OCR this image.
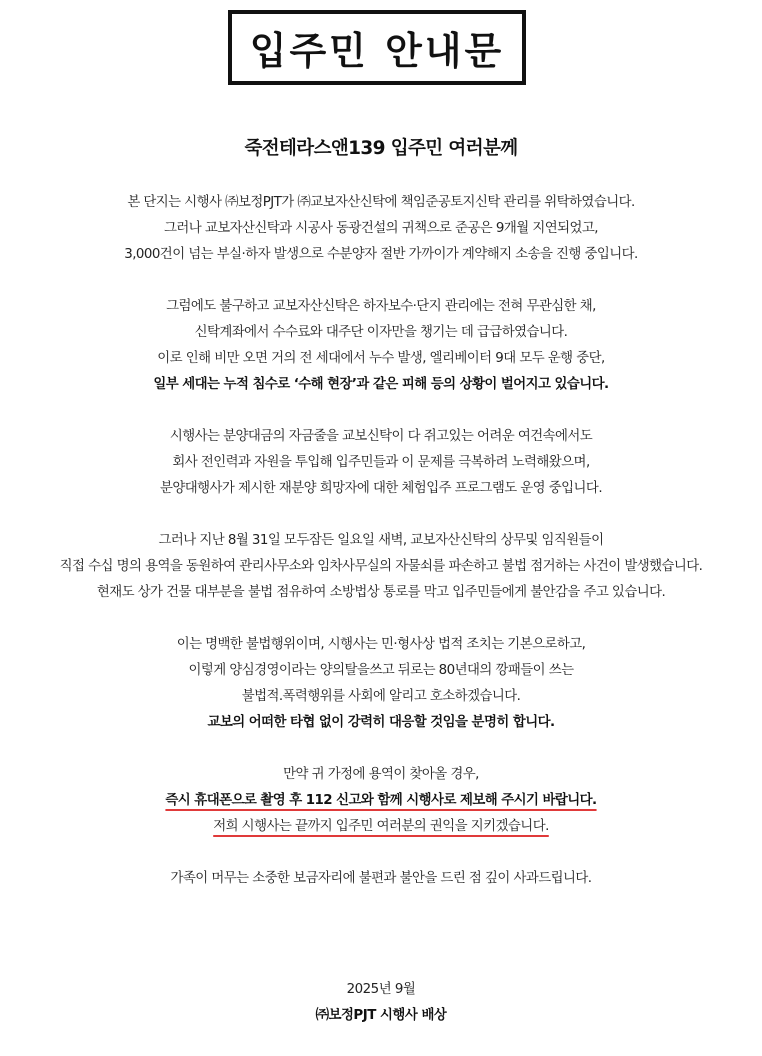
입주민 안내문
죽전테라스앤139 입주민 여러분께
본 단지는 시행사 ㈜보정PJT가 ㈜교보자산신탁에 책임준공토지신탁 관리를 위탁하였습니다.
그러나 교보자산신탁과 시공사 동광건설의 귀책으로 준공은 9개월 지연되었고,
3,000건이 넘는 부실·하자 발생으로 수분양자 절반 가까이가 계약해지 소송을 진행 중입니다.
그럼에도 불구하고 교보자산신탁은 하자보수·단지 관리에는 전혀 무관심한 채,
신탁계좌에서 수수료와 대주단 이자만을 챙기는 데 급급하였습니다.
이로 인해 비만 오면 거의 전 세대에서 누수 발생, 엘리베이터 9대 모두 운행 중단,
일부 세대는 누적 침수로 ‘수해 현장’과 같은 피해 등의 상황이 벌어지고 있습니다.
시행사는 분양대금의 자금줄을 교보신탁이 다 쥐고있는 어려운 여건속에서도
회사 전인력과 자원을 투입해 입주민들과 이 문제를 극복하려 노력해왔으며,
분양대행사가 제시한 재분양 희망자에 대한 체험입주 프로그램도 운영 중입니다.
그러나 지난 8월 31일 모두잠든 일요일 새벽, 교보자산신탁의 상무및 임직원들이
직접 수십 명의 용역을 동원하여 관리사무소와 임차사무실의 자물쇠를 파손하고 불법 점거하는 사건이 발생했습니다.
현재도 상가 건물 대부분을 불법 점유하여 소방법상 통로를 막고 입주민들에게 불안감을 주고 있습니다.
이는 명백한 불법행위이며, 시행사는 민·형사상 법적 조치는 기본으로하고,
이렇게 양심경영이라는 양의탈을쓰고 뒤로는 80년대의 깡패들이 쓰는
불법적.폭력행위를 사회에 알리고 호소하겠습니다.
교보의 어떠한 타협 없이 강력히 대응할 것임을 분명히 합니다.
만약 귀 가정에 용역이 찾아올 경우,
즉시 휴대폰으로 촬영 후 112 신고와 함께 시행사로 제보해 주시기 바랍니다.
저희 시행사는 끝까지 입주민 여러분의 권익을 지키겠습니다.
가족이 머무는 소중한 보금자리에 불편과 불안을 드린 점 깊이 사과드립니다.
2025년 9월
㈜보정PJT 시행사 배상
